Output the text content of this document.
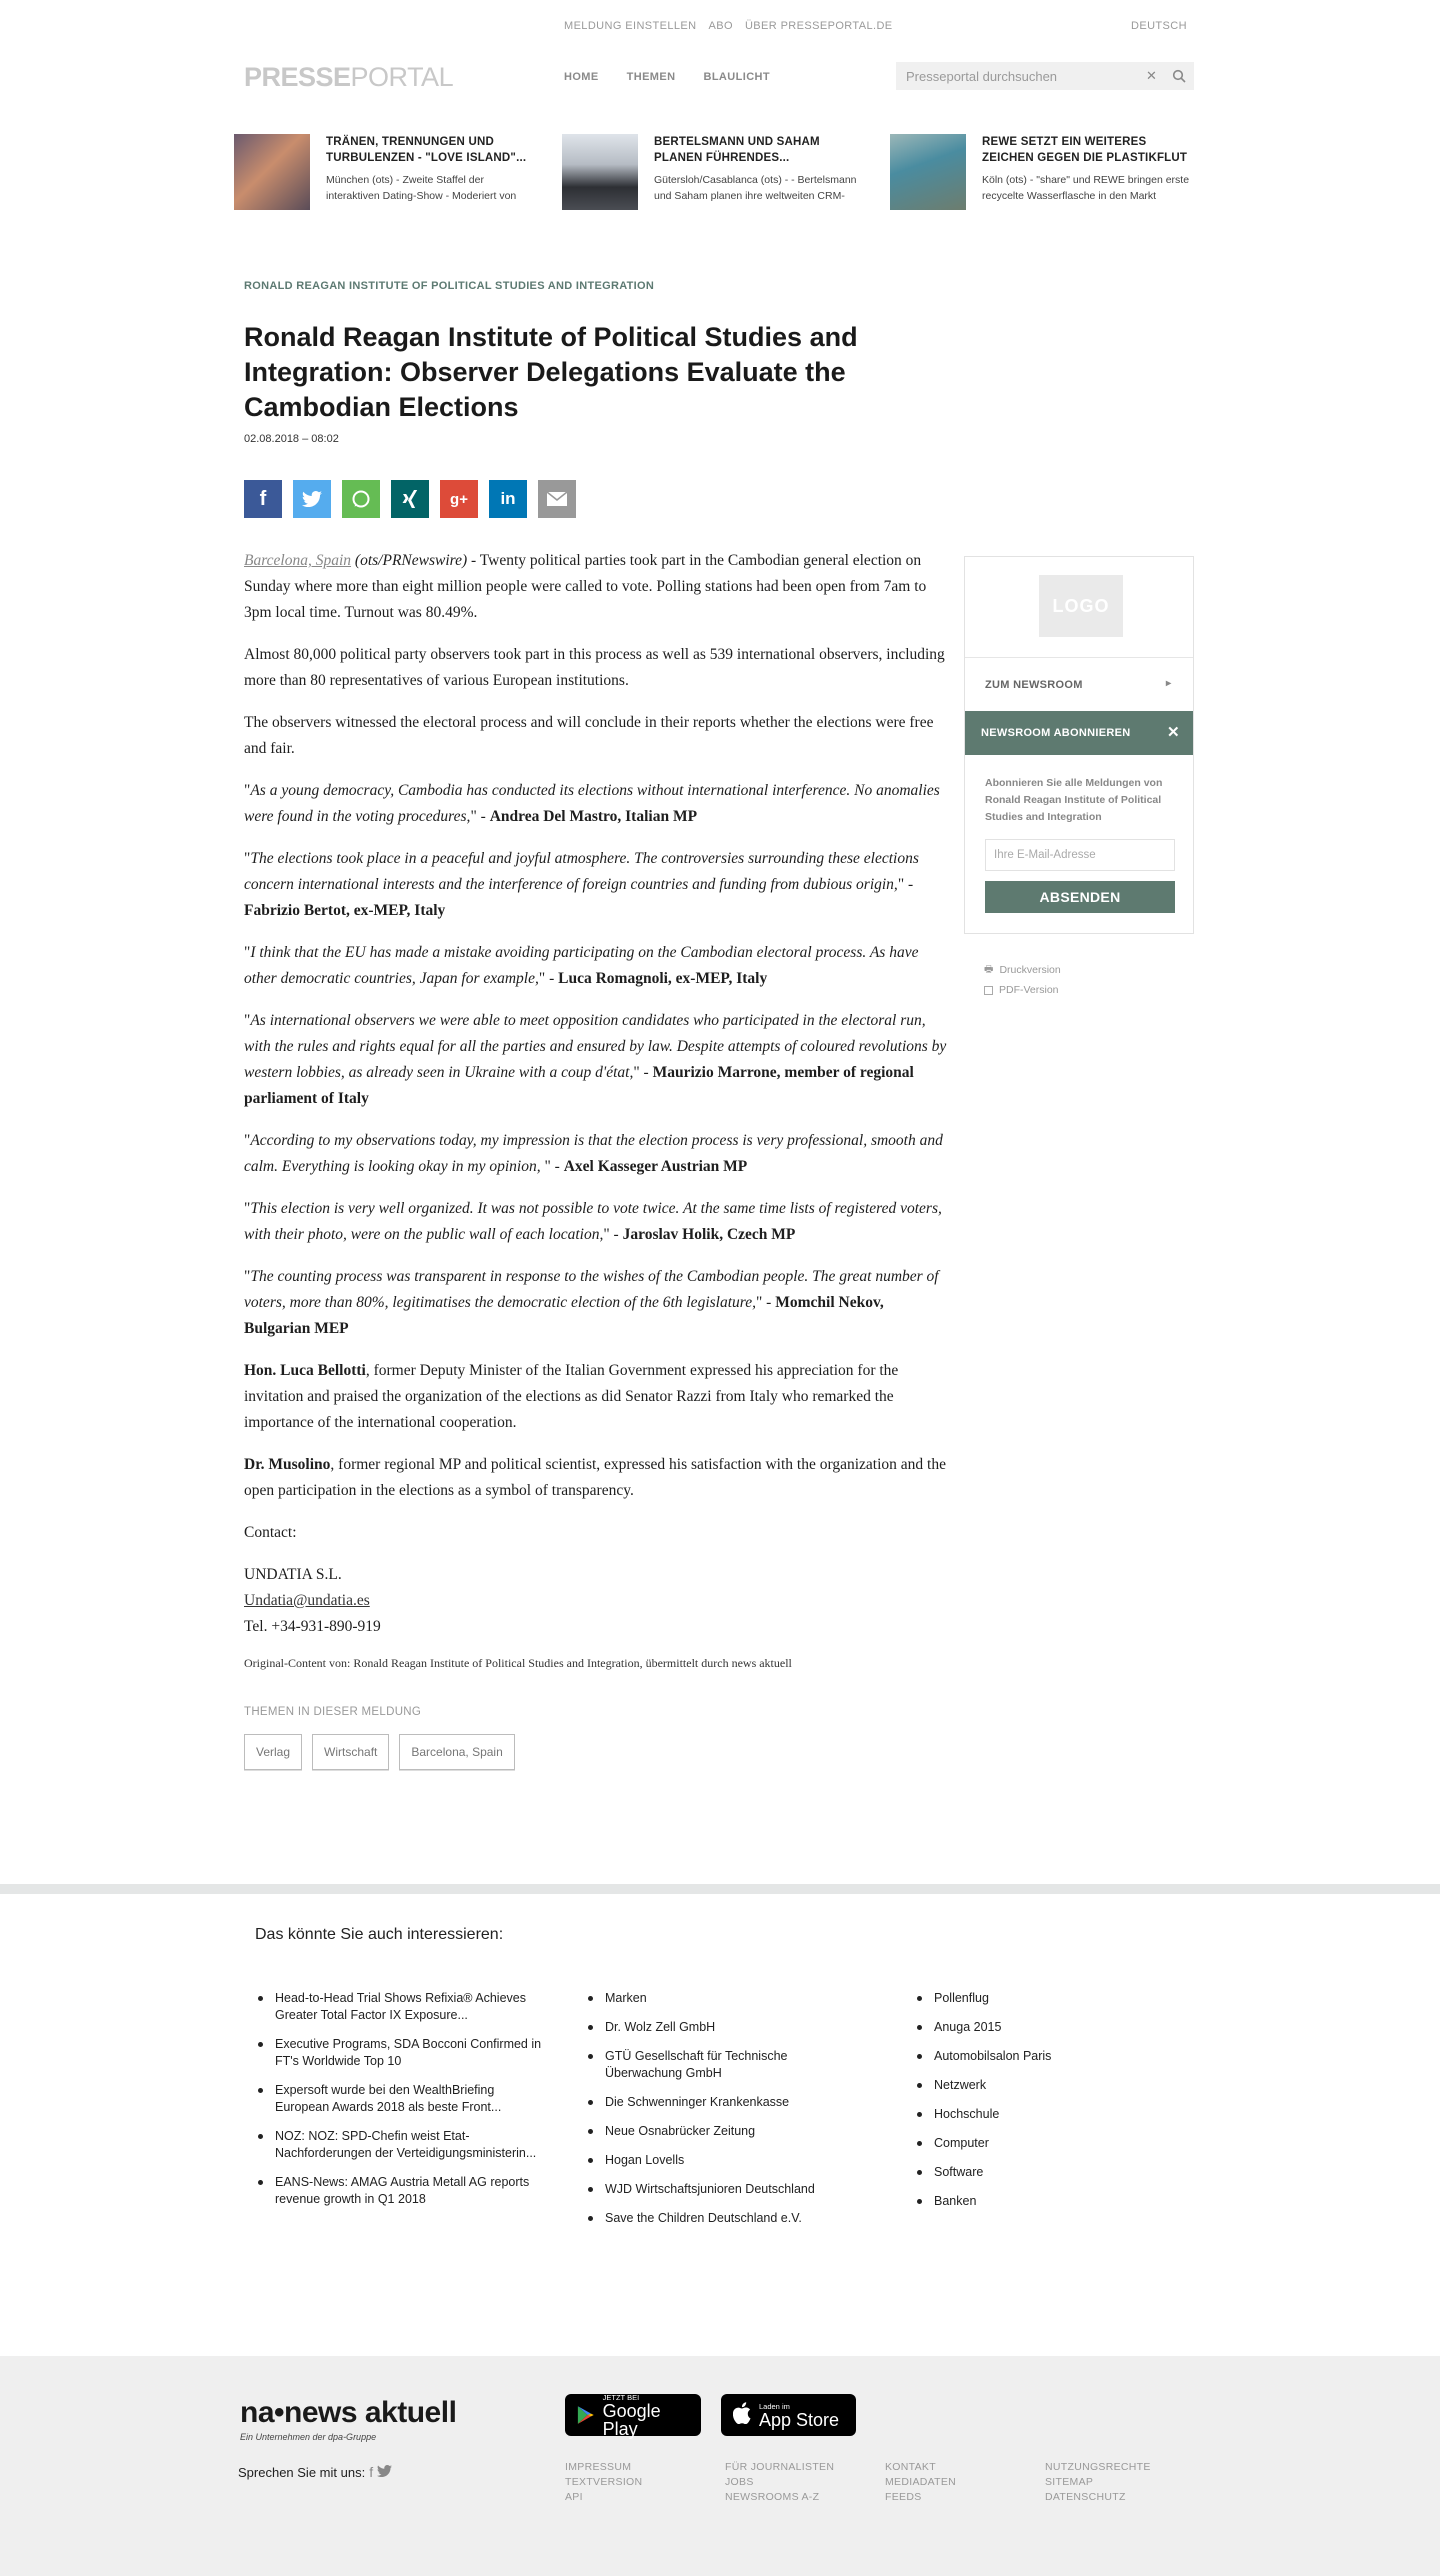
MELDUNG EINSTELLEN ABO ÜBER PRESSEPORTAL.DE	DEUTSCH
PRESSEPORTAL	HOME	THEMEN	BLAULICHT
Presseportal durchsuchen	✕
TRÄNEN, TRENNUNGEN UND TURBULENZEN - "LOVE ISLAND"...

München (ots) - Zweite Staffel der interaktiven Dating-Show - Moderiert von

BERTELSMANN UND SAHAM PLANEN FÜHRENDES...

Gütersloh/Casablanca (ots) - - Bertelsmann und Saham planen ihre weltweiten CRM-

REWE SETZT EIN WEITERES ZEICHEN GEGEN DIE PLASTIKFLUT

Köln (ots) - "share" und REWE bringen erste recycelte Wasserflasche in den Markt

RONALD REAGAN INSTITUTE OF POLITICAL STUDIES AND INTEGRATION
Ronald Reagan Institute of Political Studies and Integration: Observer Delegations Evaluate the Cambodian Elections
02.08.2018 – 08:02
f	g+	in

Barcelona, Spain (ots/PRNewswire) - Twenty political parties took part in the Cambodian general election on Sunday where more than eight million people were called to vote. Polling stations had been open from 7am to 3pm local time. Turnout was 80.49%.

Almost 80,000 political party observers took part in this process as well as 539 international observers, including more than 80 representatives of various European institutions.

The observers witnessed the electoral process and will conclude in their reports whether the elections were free and fair.

"As a young democracy, Cambodia has conducted its elections without international interference. No anomalies were found in the voting procedures," - Andrea Del Mastro, Italian MP

"The elections took place in a peaceful and joyful atmosphere. The controversies surrounding these elections concern international interests and the interference of foreign countries and funding from dubious origin," - Fabrizio Bertot, ex-MEP, Italy

"I think that the EU has made a mistake avoiding participating on the Cambodian electoral process. As have other democratic countries, Japan for example," - Luca Romagnoli, ex-MEP, Italy

"As international observers we were able to meet opposition candidates who participated in the electoral run, with the rules and rights equal for all the parties and ensured by law. Despite attempts of coloured revolutions by western lobbies, as already seen in Ukraine with a coup d'état," - Maurizio Marrone, member of regional parliament of Italy

"According to my observations today, my impression is that the election process is very professional, smooth and calm. Everything is looking okay in my opinion, " - Axel Kasseger Austrian MP

"This election is very well organized. It was not possible to vote twice. At the same time lists of registered voters, with their photo, were on the public wall of each location," - Jaroslav Holik, Czech MP

"The counting process was transparent in response to the wishes of the Cambodian people. The great number of voters, more than 80%, legitimatises the democratic election of the 6th legislature," - Momchil Nekov, Bulgarian MEP

Hon. Luca Bellotti, former Deputy Minister of the Italian Government expressed his appreciation for the invitation and praised the organization of the elections as did Senator Razzi from Italy who remarked the importance of the international cooperation.

Dr. Musolino, former regional MP and political scientist, expressed his satisfaction with the organization and the open participation in the elections as a symbol of transparency.

Contact:

UNDATIA S.L.
Undatia@undatia.es
Tel. +34-931-890-919

Original-Content von: Ronald Reagan Institute of Political Studies and Integration, übermittelt durch news aktuell
THEMEN IN DIESER MELDUNG
Verlag	Wirtschaft	Barcelona, Spain
LOGO
ZUM NEWSROOM	▸
NEWSROOM ABONNIEREN ✕
Abonnieren Sie alle Meldungen von Ronald Reagan Institute of Political Studies and Integration
Ihre E-Mail-Adresse
ABSENDEN
🖶 Druckversion
PDF-Version
Das könnte Sie auch interessieren:
Head-to-Head Trial Shows Refixia® Achieves Greater Total Factor IX Exposure...
Executive Programs, SDA Bocconi Confirmed in FT's Worldwide Top 10
Expersoft wurde bei den WealthBriefing European Awards 2018 als beste Front...
NOZ: NOZ: SPD-Chefin weist Etat-Nachforderungen der Verteidigungsministerin...
EANS-News: AMAG Austria Metall AG reports revenue growth in Q1 2018
Marken
Dr. Wolz Zell GmbH
GTÜ Gesellschaft für Technische Überwachung GmbH
Die Schwenninger Krankenkasse
Neue Osnabrücker Zeitung
Hogan Lovells
WJD Wirtschaftsjunioren Deutschland
Save the Children Deutschland e.V.
Pollenflug
Anuga 2015
Automobilsalon Paris
Netzwerk
Hochschule
Computer
Software
Banken
na•news aktuell
Ein Unternehmen der dpa-Gruppe
Sprechen Sie mit uns: f
JETZT BEI
Google Play
Laden im
App Store
IMPRESSUM
TEXTVERSION
API
FÜR JOURNALISTEN
JOBS
NEWSROOMS A-Z
KONTAKT
MEDIADATEN
FEEDS
NUTZUNGSRECHTE
SITEMAP
DATENSCHUTZ
